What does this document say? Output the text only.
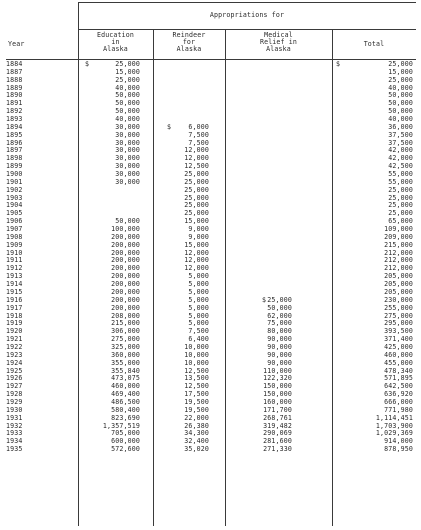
Appropriations for
Year
Education
in
Alaska
Reindeer
for
Alaska
Medical
Relief in
Alaska
Total
1884	$ 25,000			$ 25,000

1887	15,000			15,000

1888	25,000			25,000

1889	40,000			40,000

1890	50,000			50,000

1891	50,000			50,000

1892	50,000			50,000

1893	40,000			40,000

1894	30,000	$ 6,000		36,000

1895	30,000	7,500		37,500

1896	30,000	7,500		37,500

1897	30,000	12,000		42,000

1898	30,000	12,000		42,000

1899	30,000	12,500		42,500

1900	30,000	25,000		55,000

1901	30,000	25,000		55,000

1902		25,000		25,000

1903		25,000		25,000

1904		25,000		25,000

1905		25,000		25,000

1906	50,000	15,000		65,000

1907	100,000	9,000		109,000

1908	200,000	9,000		209,000

1909	200,000	15,000		215,000

1910	200,000	12,000		212,000

1911	200,000	12,000		212,000

1912	200,000	12,000		212,000

1913	200,000	5,000		205,000

1914	200,000	5,000		205,000

1915	200,000	5,000		205,000

1916	200,000	5,000	$ 25,000	230,000

1917	200,000	5,000	50,000	255,000

1918	208,000	5,000	62,000	275,000

1919	215,000	5,000	75,000	295,000

1920	306,000	7,500	80,000	393,500

1921	275,000	6,400	90,000	371,400

1922	325,000	10,000	90,000	425,000

1923	360,000	10,000	90,000	460,000

1924	355,000	10,000	90,000	455,000

1925	355,840	12,500	110,000	478,340

1926	473,075	13,500	122,320	571,895

1927	460,000	12,500	150,000	642,500

1928	469,400	17,500	150,000	636,920

1929	486,500	19,500	160,000	666,000

1930	580,400	19,500	171,700	771,980

1931	823,690	22,000	268,761	1,114,451

1932	1,357,519	26,380	319,482	1,703,900

1933	705,000	34,300	290,069	1,029,369

1934	600,000	32,400	281,600	914,000

1935	572,600	35,020	271,330	878,950
